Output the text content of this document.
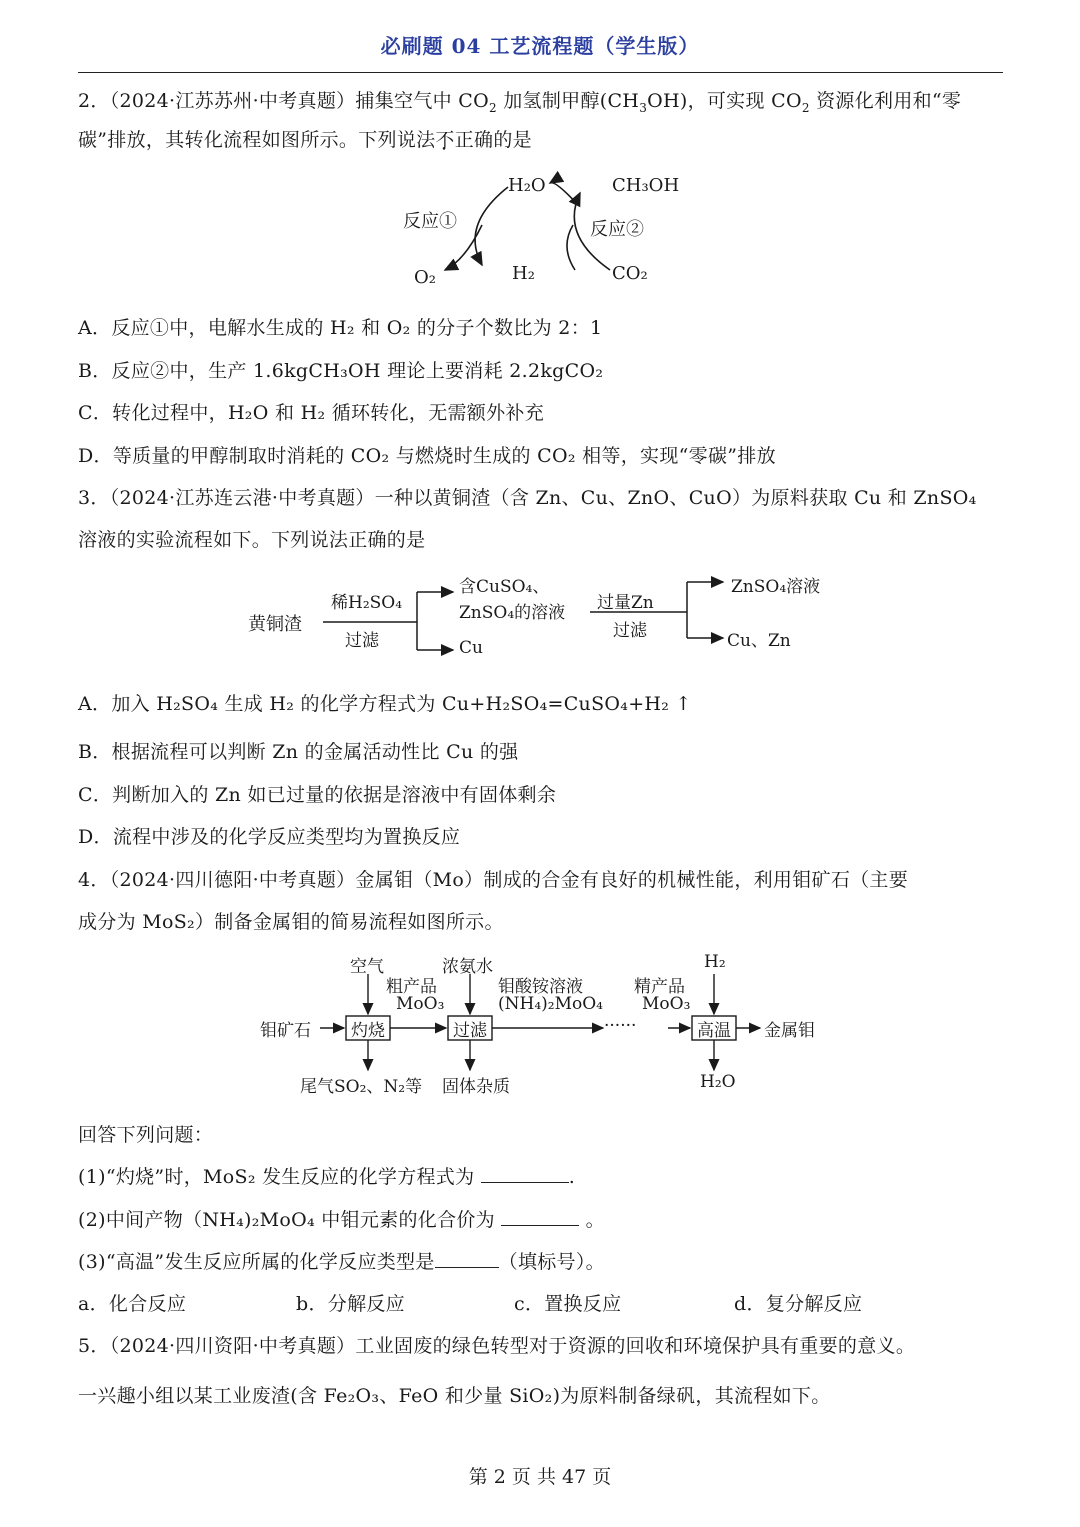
必刷题 04 工艺流程题（学生版）
2．（2024·江苏苏州·中考真题）捕集空气中 $CO_2$ 加氢制甲醇$(CH_3OH)$，可实现 $CO_2$ 资源化利用和“零
碳”排放，其转化流程如图所示。下列说法不正确的是
H₂O	CH₃OH
反应①	反应②
O₂	H₂	CO₂
A．反应①中，电解水生成的 H₂ 和 O₂ 的分子个数比为 2：1
B．反应②中，生产 1.6kgCH₃OH 理论上要消耗 2.2kgCO₂
C．转化过程中，H₂O 和 H₂ 循环转化，无需额外补充
D．等质量的甲醇制取时消耗的 CO₂ 与燃烧时生成的 CO₂ 相等，实现“零碳”排放
3．（2024·江苏连云港·中考真题）一种以黄铜渣（含 Zn、Cu、ZnO、CuO）为原料获取 Cu 和 ZnSO₄
溶液的实验流程如下。下列说法正确的是
黄铜渣
稀H₂SO₄
过滤
含CuSO₄、
ZnSO₄的溶液
Cu
过量Zn
过滤
ZnSO₄溶液
Cu、Zn
A．加入 H₂SO₄ 生成 H₂ 的化学方程式为 Cu+H₂SO₄=CuSO₄+H₂ ↑
B．根据流程可以判断 Zn 的金属活动性比 Cu 的强
C．判断加入的 Zn 如已过量的依据是溶液中有固体剩余
D．流程中涉及的化学反应类型均为置换反应
4．（2024·四川德阳·中考真题）金属钼（Mo）制成的合金有良好的机械性能，利用钼矿石（主要
成分为 MoS₂）制备金属钼的简易流程如图所示。
空气	浓氨水	H₂
粗产品
MoO₃
钼酸铵溶液
(NH₄)₂MoO₄
精产品
MoO₃
钼矿石 灼烧	过滤	······	高温 金属钼
尾气SO₂、N₂等 固体杂质	H₂O
回答下列问题：
(1)“灼烧”时，MoS₂ 发生反应的化学方程式为	.
(2)中间产物（NH₄)₂MoO₄ 中钼元素的化合价为	。
(3)“高温”发生反应所属的化学反应类型是	（填标号）。
a．化合反应	b．分解反应	c．置换反应	d．复分解反应
5．（2024·四川资阳·中考真题）工业固废的绿色转型对于资源的回收和环境保护具有重要的意义。
一兴趣小组以某工业废渣(含 Fe₂O₃、FeO 和少量 SiO₂)为原料制备绿矾，其流程如下。
第 2 页 共 47 页
